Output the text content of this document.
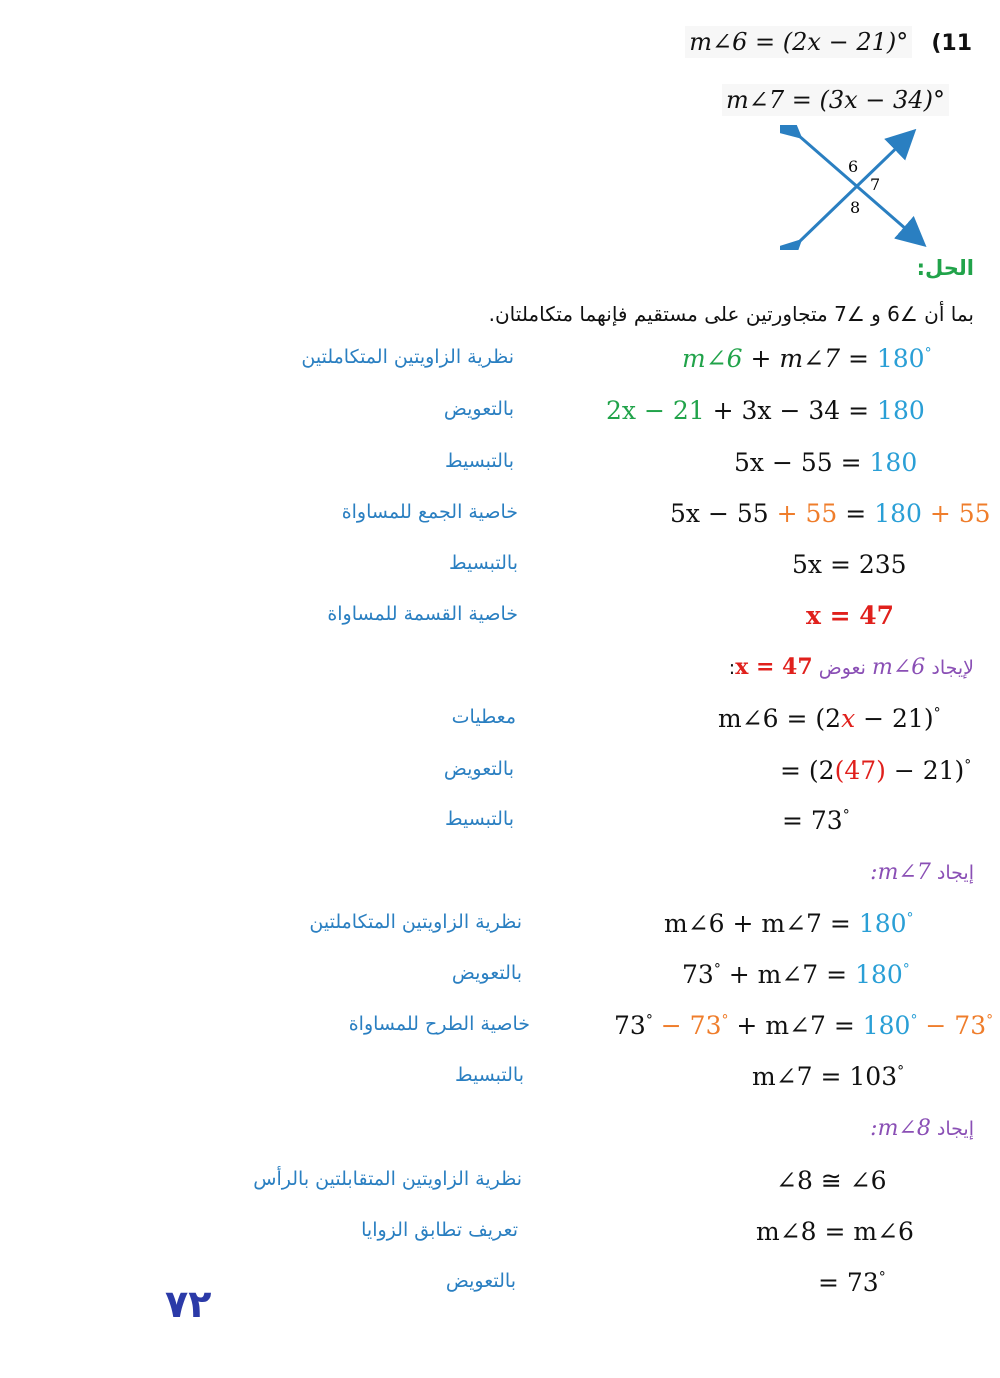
m∠6 = (2x − 21)° (11
m∠7 = (3x − 34)°
6
7
8
الحل:
بما أن ∠6 و ∠7 متجاورتين على مستقيم فإنهما متكاملتان.
m∠6 + m∠7 = 180°
نظرية الزاويتين المتكاملتين
2x − 21 + 3x − 34 = 180
بالتعويض
5x − 55 = 180
بالتبسيط
5x − 55 + 55 = 180 + 55
خاصية الجمع للمساواة
5x = 235
بالتبسيط
x = 47
خاصية القسمة للمساواة
لإيجاد m∠6 نعوض x = 47:
m∠6 = (2x − 21)°
معطيات
= (2(47) − 21)°
بالتعويض
= 73°
بالتبسيط
إيجاد m∠7:
m∠6 + m∠7 = 180°
نظرية الزاويتين المتكاملتين
73° + m∠7 = 180°
بالتعويض
73° − 73° + m∠7 = 180° − 73°
خاصية الطرح للمساواة
m∠7 = 103°
بالتبسيط
إيجاد m∠8:
∠8 ≅ ∠6
نظرية الزاويتين المتقابلتين بالرأس
m∠8 = m∠6
تعريف تطابق الزوايا
= 73°
بالتعويض
٧٢
